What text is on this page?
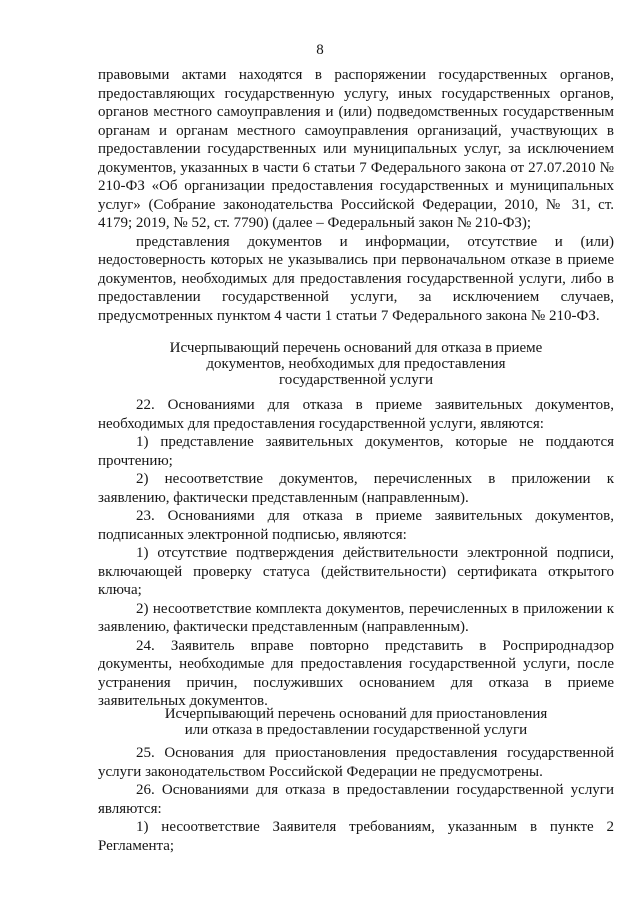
8

правовыми актами находятся в распоряжении государственных органов, предоставляющих государственную услугу, иных государственных органов, органов местного самоуправления и (или) подведомственных государственным органам и органам местного самоуправления организаций, участвующих в предоставлении государственных или муниципальных услуг, за исключением документов, указанных в части 6 статьи 7 Федерального закона от 27.07.2010 № 210-ФЗ «Об организации предоставления государственных и муниципальных услуг» (Собрание законодательства Российской Федерации, 2010, № 31, ст. 4179; 2019, № 52, ст. 7790) (далее – Федеральный закон № 210-ФЗ);

представления документов и информации, отсутствие и (или) недостоверность которых не указывались при первоначальном отказе в приеме документов, необходимых для предоставления государственной услуги, либо в предоставлении государственной услуги, за исключением случаев, предусмотренных пунктом 4 части 1 статьи 7 Федерального закона № 210-ФЗ.

Исчерпывающий перечень оснований для отказа в приеме
документов, необходимых для предоставления
государственной услуги

22. Основаниями для отказа в приеме заявительных документов, необходимых для предоставления государственной услуги, являются:

1) представление заявительных документов, которые не поддаются прочтению;

2) несоответствие документов, перечисленных в приложении к заявлению, фактически представленным (направленным).

23. Основаниями для отказа в приеме заявительных документов, подписанных электронной подписью, являются:

1) отсутствие подтверждения действительности электронной подписи, включающей проверку статуса (действительности) сертификата открытого ключа;

2) несоответствие комплекта документов, перечисленных в приложении к заявлению, фактически представленным (направленным).

24. Заявитель вправе повторно представить в Росприроднадзор документы, необходимые для предоставления государственной услуги, после устранения причин, послуживших основанием для отказа в приеме заявительных документов.

Исчерпывающий перечень оснований для приостановления
или отказа в предоставлении государственной услуги

25. Основания для приостановления предоставления государственной услуги законодательством Российской Федерации не предусмотрены.

26. Основаниями для отказа в предоставлении государственной услуги являются:

1) несоответствие Заявителя требованиям, указанным в пункте 2 Регламента;
